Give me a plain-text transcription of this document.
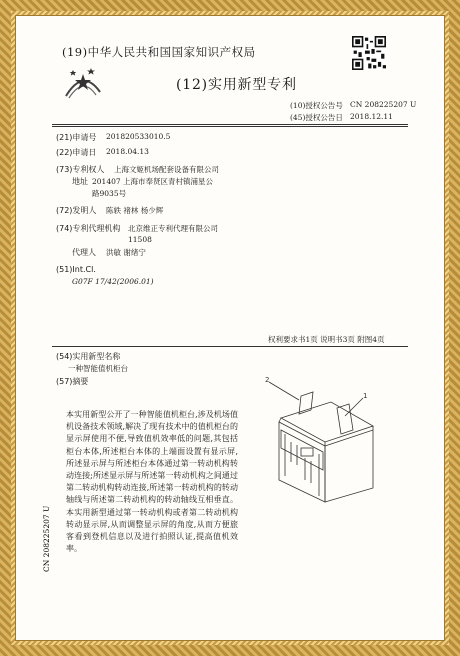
(19)中华人民共和国国家知识产权局
(12)实用新型专利
(10)授权公告号 CN 208225207 U
(45)授权公告日 2018.12.11
(21)申请号 201820533010.5
(22)申请日 2018.04.13
(73)专利权人 上海文姬机场配套设备有限公司
地址 201407 上海市奉贤区青村镇浦星公
路9035号
(72)发明人 陈轶 褚林 杨少辉
(74)专利代理机构 北京维正专利代理有限公司
11508
代理人 洪敏 谢绪宁
(51)Int.Cl.
G07F 17/42(2006.01)
权利要求书1页 说明书3页 附图4页
(54)实用新型名称
一种智能值机柜台
(57)摘要
本实用新型公开了一种智能值机柜台,涉及机场值机设备技术领域,解决了现有技术中的值机柜台的显示屏使用不便,导致值机效率低的问题,其包括柜台本体,所述柜台本体的上端面设置有显示屏,所述显示屏与所述柜台本体通过第一转动机构转动连接;所述显示屏与所述第一转动机构之间通过第二转动机构转动连接,所述第一转动机构的转动轴线与所述第二转动机构的转动轴线互相垂直。本实用新型通过第一转动机构或者第二转动机构转动显示屏,从而调整显示屏的角度,从而方便旅客看到登机信息以及进行拍照认证,提高值机效率。
2
1
CN 208225207 U
